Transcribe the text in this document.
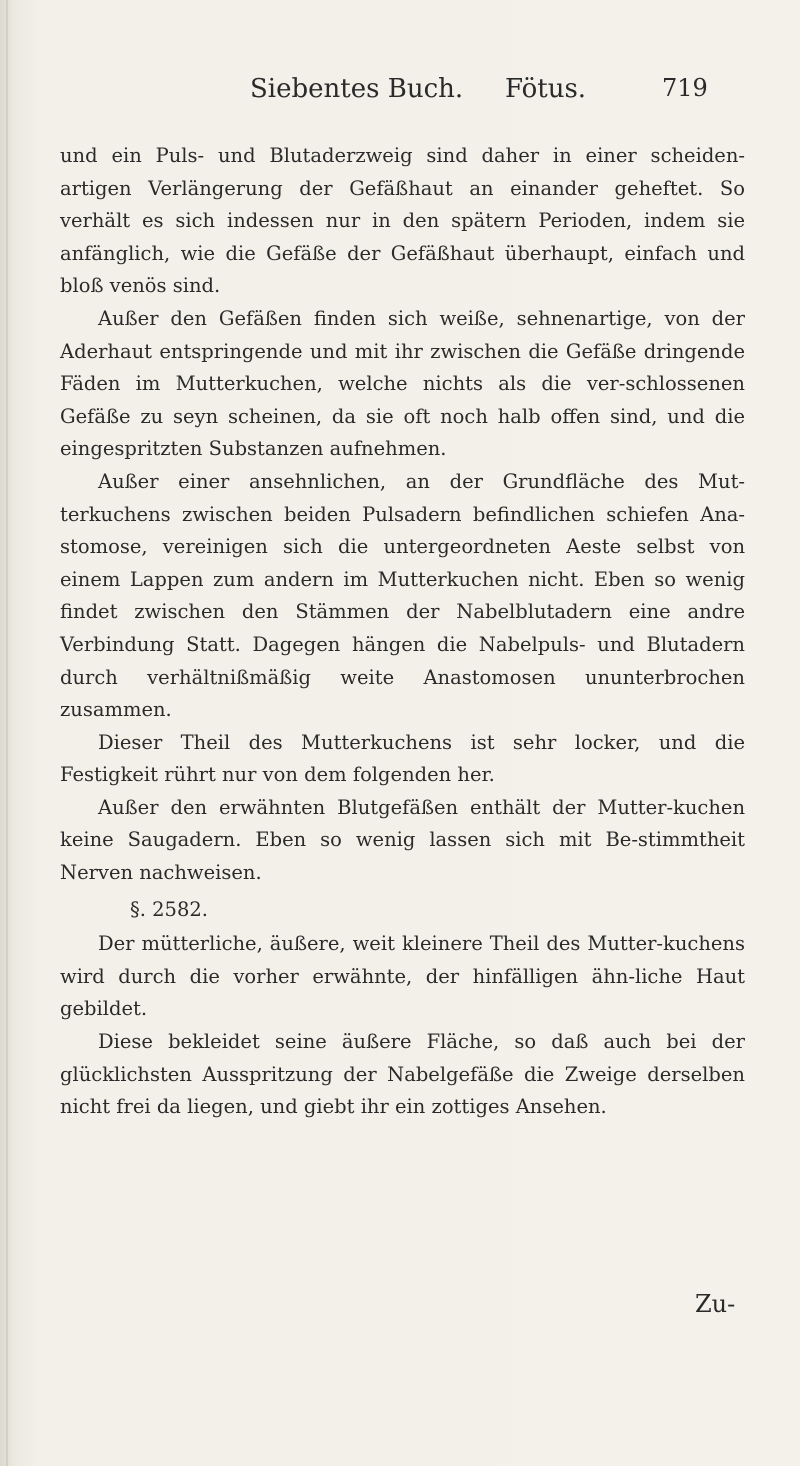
Siebentes Buch. Fötus.	719

und ein Puls- und Blutaderzweig sind daher in einer scheiden-artigen Verlängerung der Gefäßhaut an einander geheftet. So verhält es sich indessen nur in den spätern Perioden, indem sie anfänglich, wie die Gefäße der Gefäßhaut überhaupt, einfach und bloß venös sind.

Außer den Gefäßen finden sich weiße, sehnenartige, von der Aderhaut entspringende und mit ihr zwischen die Gefäße dringende Fäden im Mutterkuchen, welche nichts als die ver-schlossenen Gefäße zu seyn scheinen, da sie oft noch halb offen sind, und die eingespritzten Substanzen aufnehmen.

Außer einer ansehnlichen, an der Grundfläche des Mut-terkuchens zwischen beiden Pulsadern befindlichen schiefen Ana-stomose, vereinigen sich die untergeordneten Aeste selbst von einem Lappen zum andern im Mutterkuchen nicht. Eben so wenig findet zwischen den Stämmen der Nabelblutadern eine andre Verbindung Statt. Dagegen hängen die Nabelpuls- und Blutadern durch verhältnißmäßig weite Anastomosen ununterbrochen zusammen.

Dieser Theil des Mutterkuchens ist sehr locker, und die Festigkeit rührt nur von dem folgenden her.

Außer den erwähnten Blutgefäßen enthält der Mutter-kuchen keine Saugadern. Eben so wenig lassen sich mit Be-stimmtheit Nerven nachweisen.

§. 2582.

Der mütterliche, äußere, weit kleinere Theil des Mutter-kuchens wird durch die vorher erwähnte, der hinfälligen ähn-liche Haut gebildet.

Diese bekleidet seine äußere Fläche, so daß auch bei der glücklichsten Ausspritzung der Nabelgefäße die Zweige derselben nicht frei da liegen, und giebt ihr ein zottiges Ansehen.

Zu-
